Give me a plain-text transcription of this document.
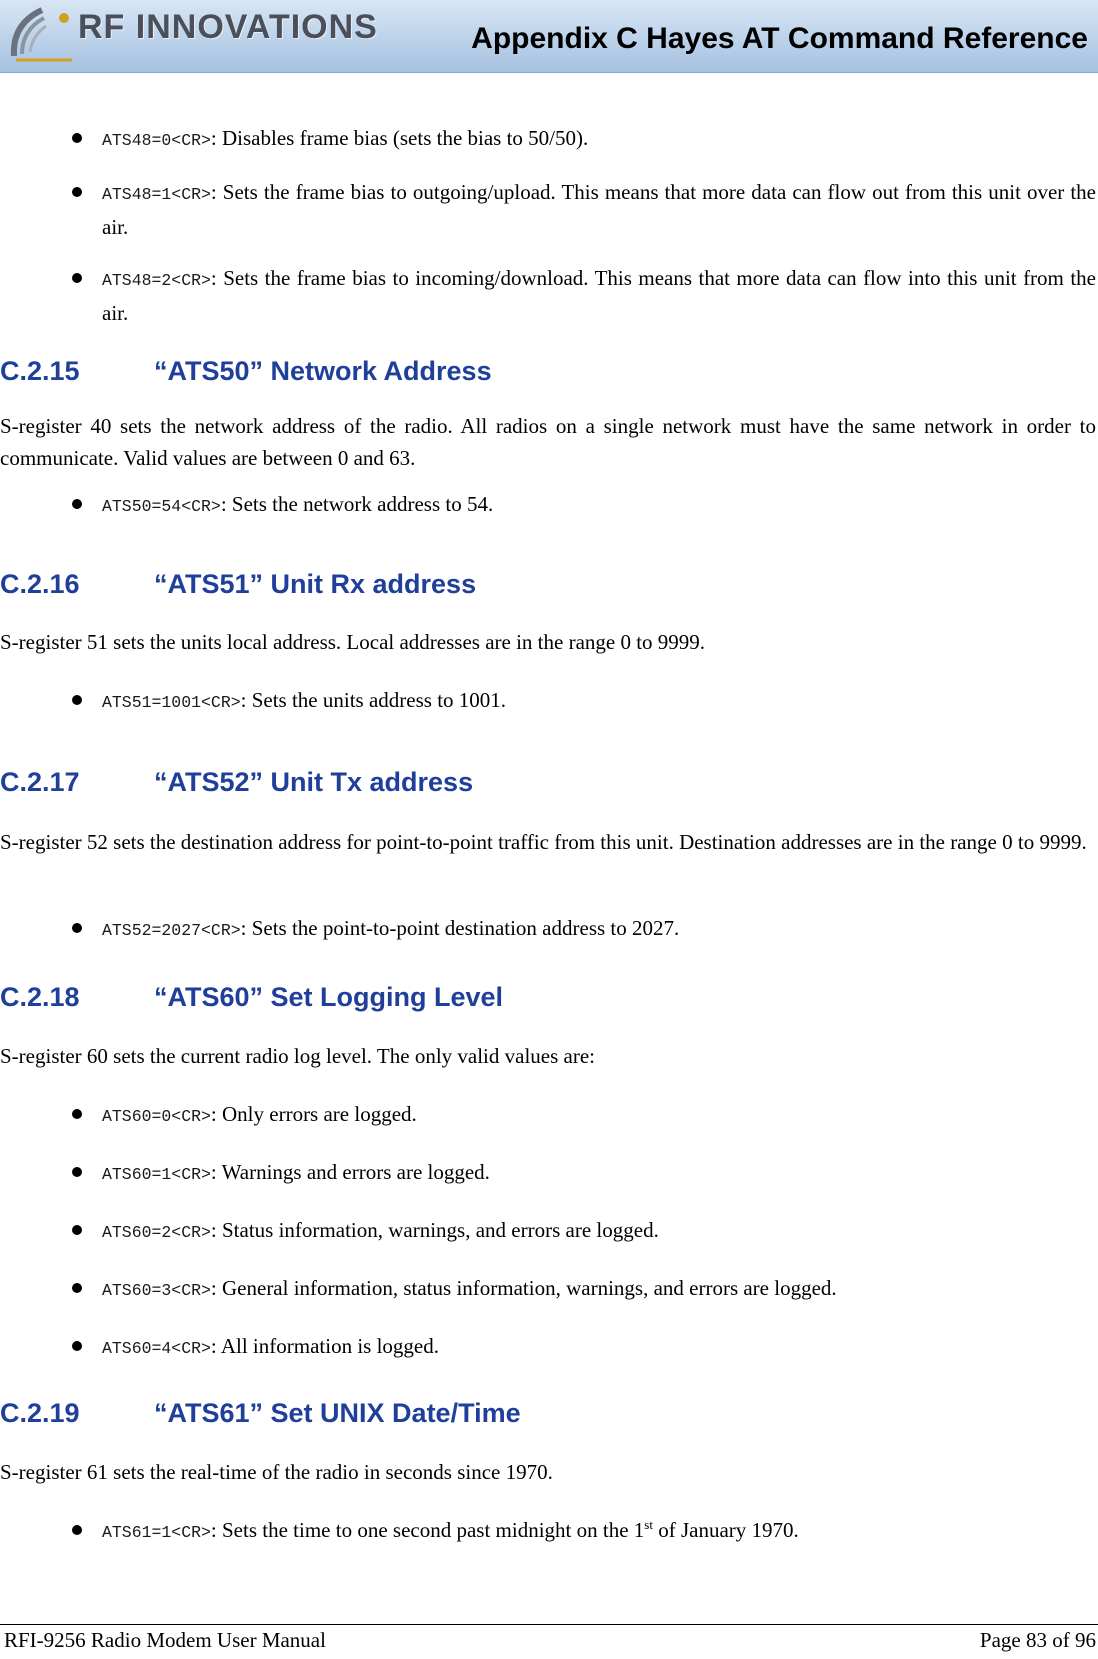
RF INNOVATIONS	Appendix C Hayes AT Command Reference
ATS48=0<CR>: Disables frame bias (sets the bias to 50/50).
ATS48=1<CR>: Sets the frame bias to outgoing/upload. This means that more data can flow out from this unit over the air.
ATS48=2<CR>: Sets the frame bias to incoming/download. This means that more data can flow into this unit from the air.
C.2.15	“ATS50” Network Address
S-register 40 sets the network address of the radio. All radios on a single network must have the same network in order to communicate. Valid values are between 0 and 63.
ATS50=54<CR>: Sets the network address to 54.
C.2.16	“ATS51” Unit Rx address
S-register 51 sets the units local address. Local addresses are in the range 0 to 9999.
ATS51=1001<CR>: Sets the units address to 1001.
C.2.17	“ATS52” Unit Tx address
S-register 52 sets the destination address for point-to-point traffic from this unit. Destination addresses are in the range 0 to 9999.
ATS52=2027<CR>: Sets the point-to-point destination address to 2027.
C.2.18	“ATS60” Set Logging Level
S-register 60 sets the current radio log level. The only valid values are:
ATS60=0<CR>: Only errors are logged.
ATS60=1<CR>: Warnings and errors are logged.
ATS60=2<CR>: Status information, warnings, and errors are logged.
ATS60=3<CR>: General information, status information, warnings, and errors are logged.
ATS60=4<CR>: All information is logged.
C.2.19	“ATS61” Set UNIX Date/Time
S-register 61 sets the real-time of the radio in seconds since 1970.
ATS61=1<CR>: Sets the time to one second past midnight on the 1st of January 1970.
RFI-9256 Radio Modem User Manual	Page 83 of 96
